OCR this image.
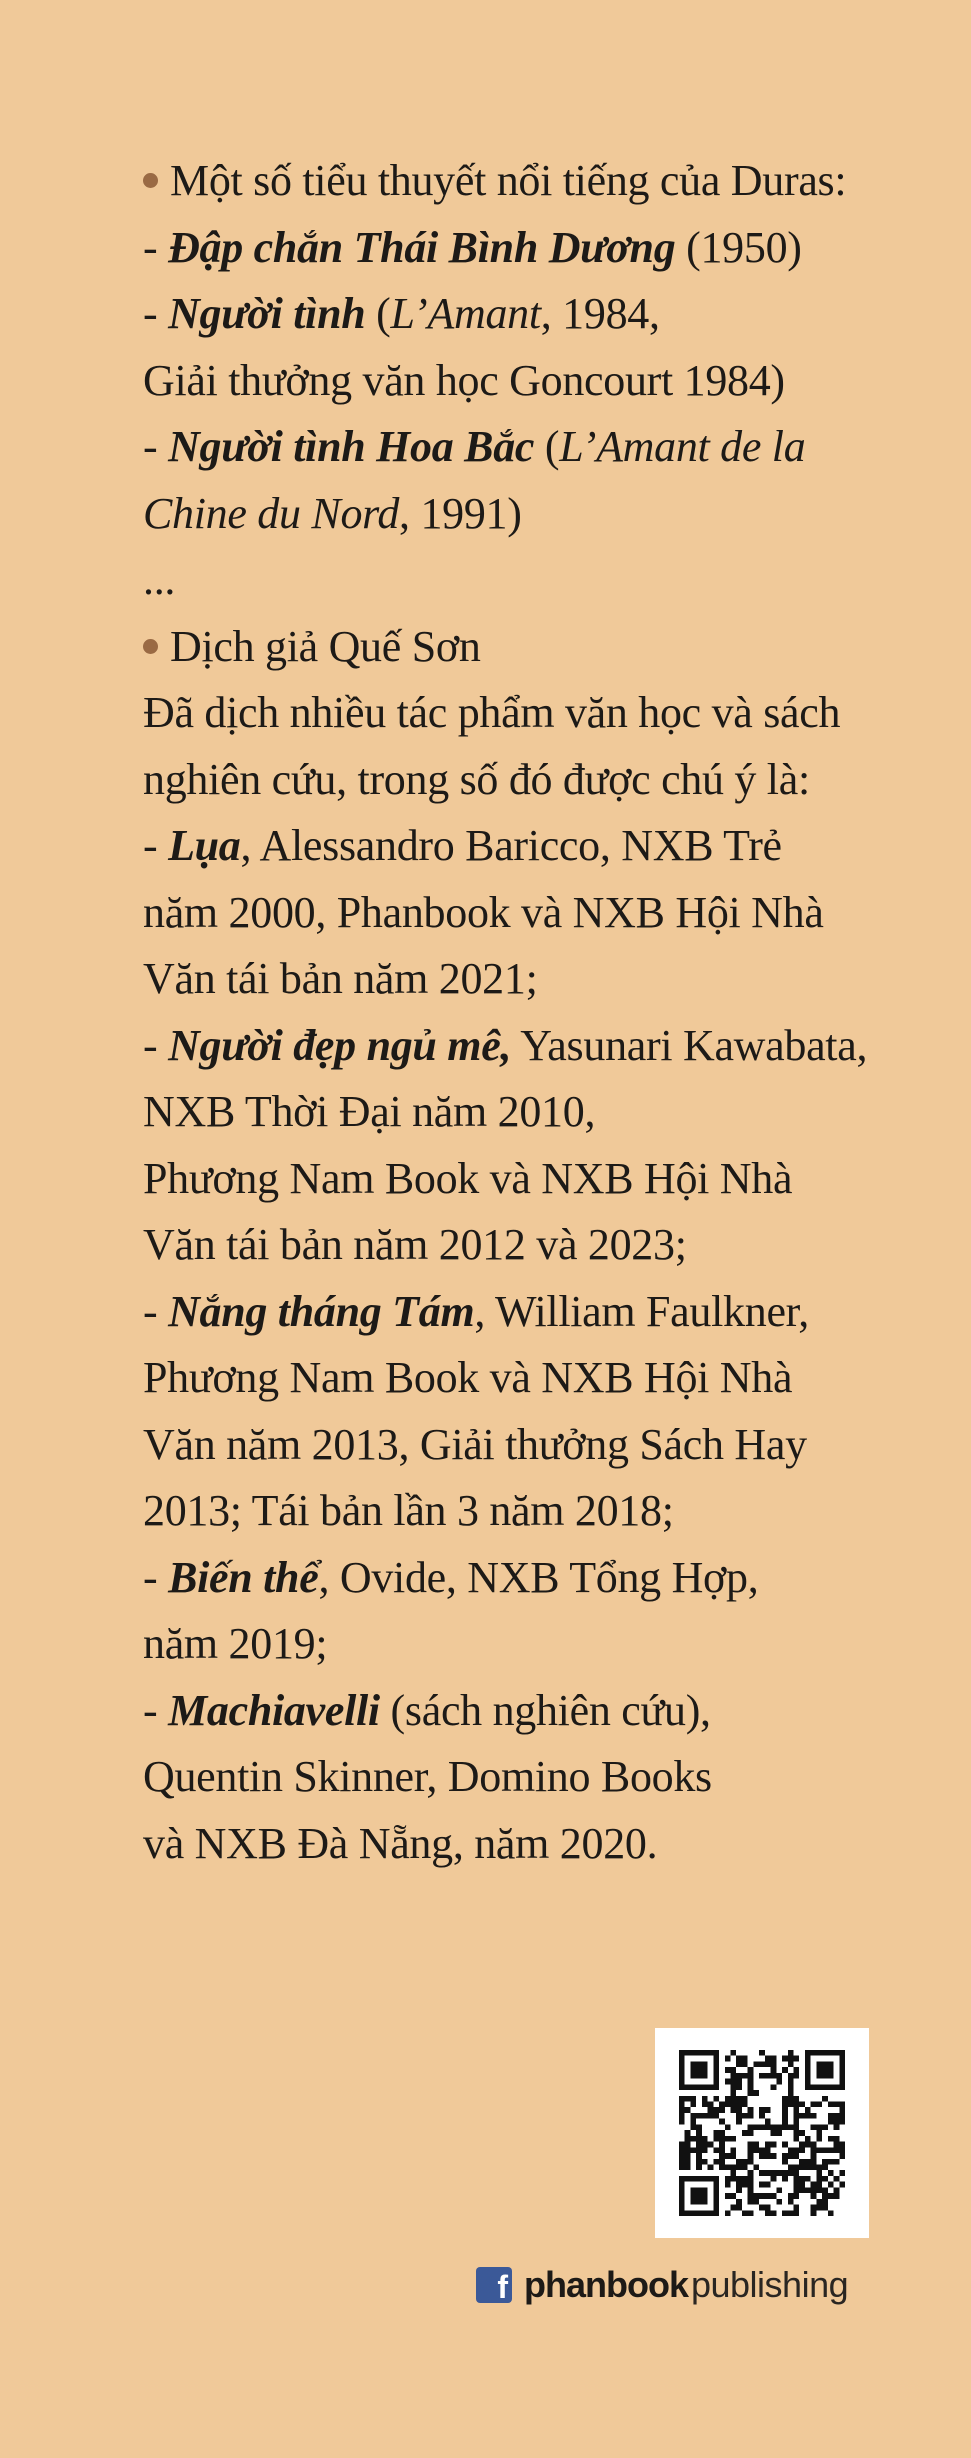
Một số tiểu thuyết nổi tiếng của Duras:
- Đập chắn Thái Bình Dương (1950)
- Người tình (L’Amant, 1984,
Giải thưởng văn học Goncourt 1984)
- Người tình Hoa Bắc (L’Amant de la
Chine du Nord, 1991)
...
Dịch giả Quế Sơn
Đã dịch nhiều tác phẩm văn học và sách
nghiên cứu, trong số đó được chú ý là:
- Lụa, Alessandro Baricco, NXB Trẻ
năm 2000, Phanbook và NXB Hội Nhà
Văn tái bản năm 2021;
- Người đẹp ngủ mê, Yasunari Kawabata,
NXB Thời Đại năm 2010,
Phương Nam Book và NXB Hội Nhà
Văn tái bản năm 2012 và 2023;
- Nắng tháng Tám, William Faulkner,
Phương Nam Book và NXB Hội Nhà
Văn năm 2013, Giải thưởng Sách Hay
2013; Tái bản lần 3 năm 2018;
- Biến thể, Ovide, NXB Tổng Hợp,
năm 2019;
- Machiavelli (sách nghiên cứu),
Quentin Skinner, Domino Books
và NXB Đà Nẵng, năm 2020.
f phanbook publishing
